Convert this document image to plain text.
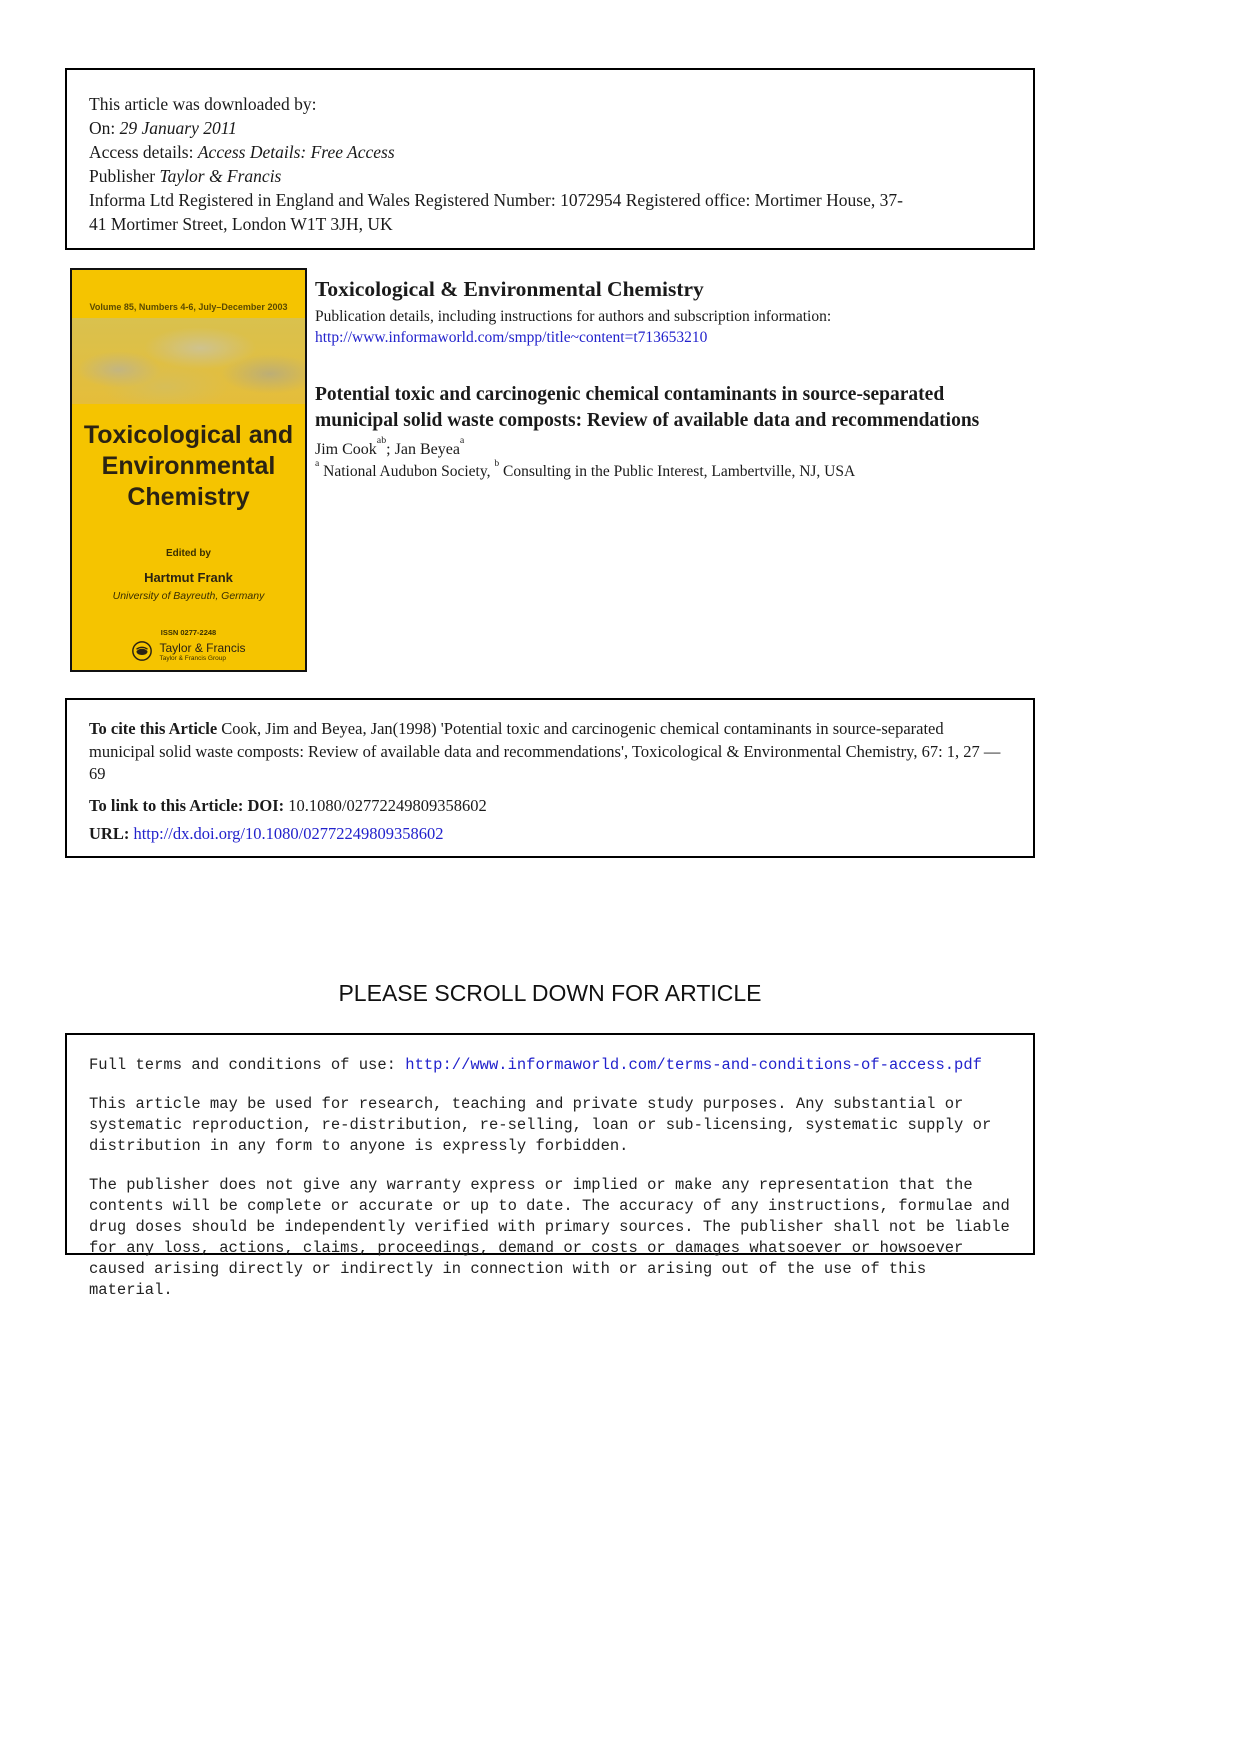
This article was downloaded by:
On: 29 January 2011
Access details: Access Details: Free Access
Publisher Taylor & Francis
Informa Ltd Registered in England and Wales Registered Number: 1072954 Registered office: Mortimer House, 37-
41 Mortimer Street, London W1T 3JH, UK
Volume 85, Numbers 4-6, July–December 2003
Toxicological and
Environmental
Chemistry
Edited by
Hartmut Frank
University of Bayreuth, Germany
ISSN 0277-2248
Taylor & Francis
Taylor & Francis Group
Toxicological & Environmental Chemistry
Publication details, including instructions for authors and subscription information:
http://www.informaworld.com/smpp/title~content=t713653210
Potential toxic and carcinogenic chemical contaminants in source-separated municipal solid waste composts: Review of available data and recommendations
Jim Cook$^{ab}$; Jan Beyea$^a$
$^a$ National Audubon Society, $^b$ Consulting in the Public Interest, Lambertville, NJ, USA
To cite this Article Cook, Jim and Beyea, Jan(1998) 'Potential toxic and carcinogenic chemical contaminants in source-separated municipal solid waste composts: Review of available data and recommendations', Toxicological & Environmental Chemistry, 67: 1, 27 — 69
To link to this Article: DOI: 10.1080/02772249809358602
URL: http://dx.doi.org/10.1080/02772249809358602
PLEASE SCROLL DOWN FOR ARTICLE

Full terms and conditions of use: http://www.informaworld.com/terms-and-conditions-of-access.pdf

This article may be used for research, teaching and private study purposes. Any substantial or systematic reproduction, re-distribution, re-selling, loan or sub-licensing, systematic supply or distribution in any form to anyone is expressly forbidden.

The publisher does not give any warranty express or implied or make any representation that the contents will be complete or accurate or up to date. The accuracy of any instructions, formulae and drug doses should be independently verified with primary sources. The publisher shall not be liable for any loss, actions, claims, proceedings, demand or costs or damages whatsoever or howsoever caused arising directly or indirectly in connection with or arising out of the use of this material.
